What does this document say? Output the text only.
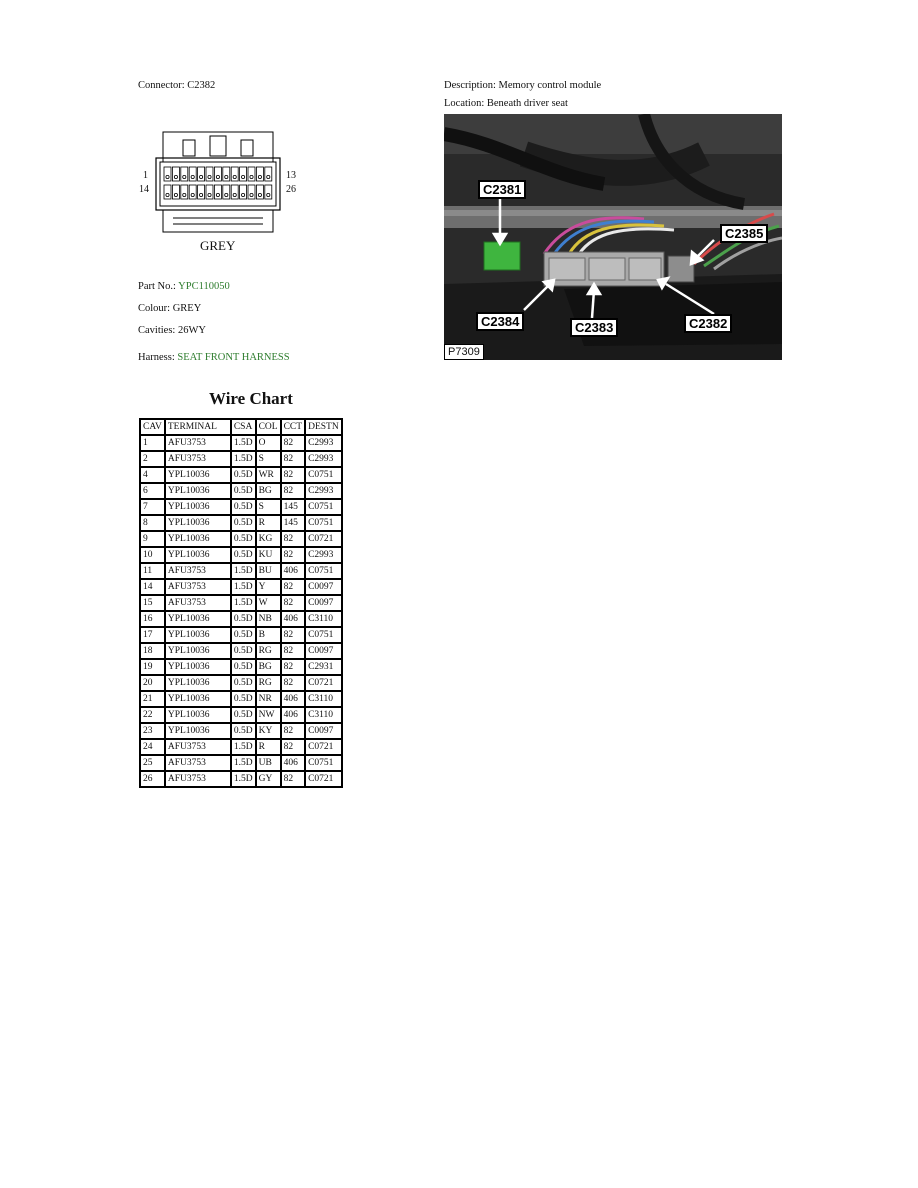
Connector: C2382
1
14
13
26
GREY
Part No.: YPC110050
Colour: GREY
Cavities: 26WY
Harness: SEAT FRONT HARNESS
Description: Memory control module
Location: Beneath driver seat
C2381
C2385
C2384	C2383	C2382
P7309
Wire Chart
CAV	TERMINAL	CSA	COL	CCT	DESTN
1	AFU3753	1.5D	O	82	C2993
2	AFU3753	1.5D	S	82	C2993
4	YPL10036	0.5D	WR	82	C0751
6	YPL10036	0.5D	BG	82	C2993
7	YPL10036	0.5D	S	145	C0751
8	YPL10036	0.5D	R	145	C0751
9	YPL10036	0.5D	KG	82	C0721
10	YPL10036	0.5D	KU	82	C2993
11	AFU3753	1.5D	BU	406	C0751
14	AFU3753	1.5D	Y	82	C0097
15	AFU3753	1.5D	W	82	C0097
16	YPL10036	0.5D	NB	406	C3110
17	YPL10036	0.5D	B	82	C0751
18	YPL10036	0.5D	RG	82	C0097
19	YPL10036	0.5D	BG	82	C2931
20	YPL10036	0.5D	RG	82	C0721
21	YPL10036	0.5D	NR	406	C3110
22	YPL10036	0.5D	NW	406	C3110
23	YPL10036	0.5D	KY	82	C0097
24	AFU3753	1.5D	R	82	C0721
25	AFU3753	1.5D	UB	406	C0751
26	AFU3753	1.5D	GY	82	C0721
